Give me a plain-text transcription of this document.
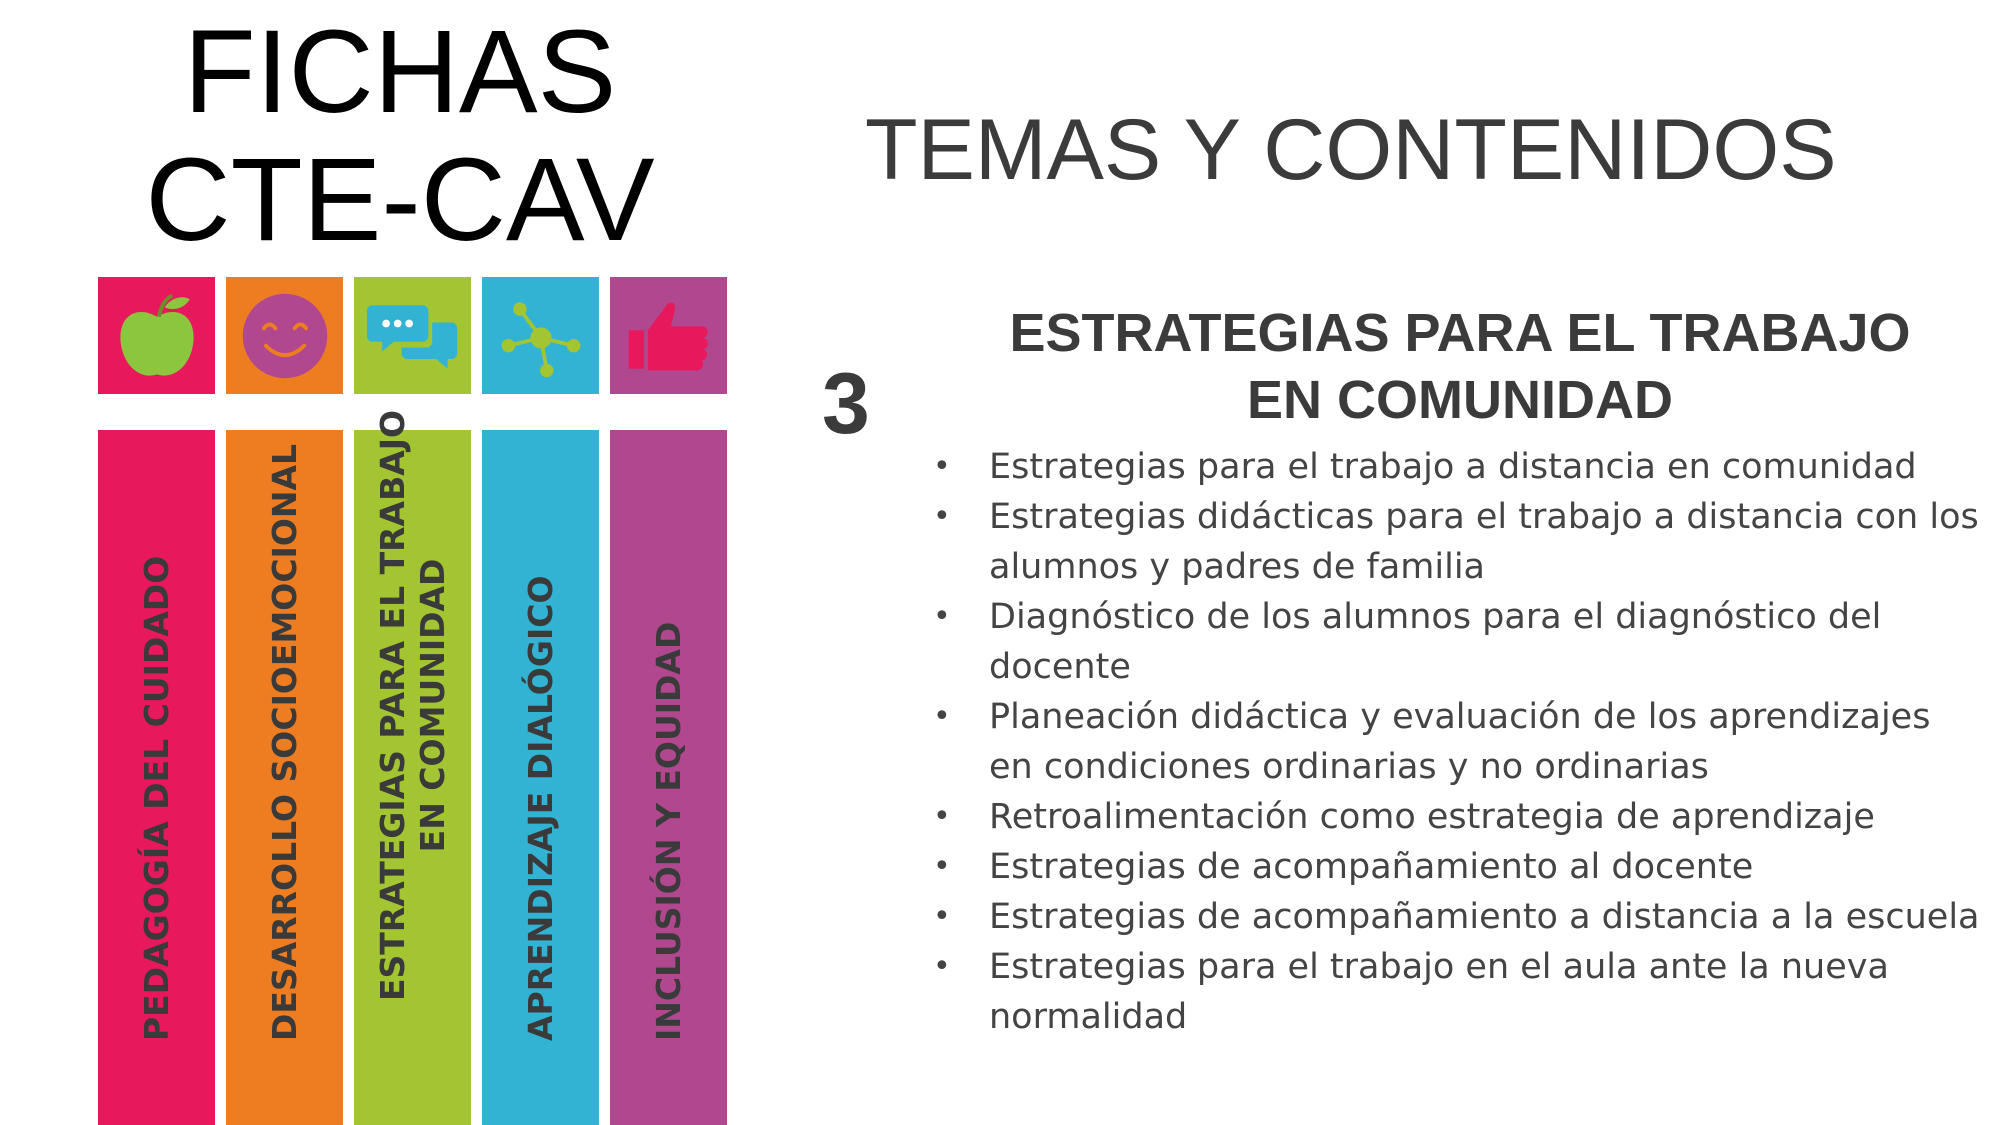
FICHAS
CTE-CAV	TEMAS Y CONTENIDOS
PEDAGOGÍA DEL CUIDADO	DESARROLLO SOCIOEMOCIONAL ESTRATEGIAS PARA EL TRABAJO EN COMUNIDAD APRENDIZAJE DIALÓGICO	INCLUSIÓN Y EQUIDAD
3
ESTRATEGIAS PARA EL TRABAJO
EN COMUNIDAD
• Estrategias para el trabajo a distancia en comunidad
• Estrategias didácticas para el trabajo a distancia con los alumnos y padres de familia
• Diagnóstico de los alumnos para el diagnóstico del docente
• Planeación didáctica y evaluación de los aprendizajes en condiciones ordinarias y no ordinarias
• Retroalimentación como estrategia de aprendizaje
• Estrategias de acompañamiento al docente
• Estrategias de acompañamiento a distancia a la escuela
• Estrategias para el trabajo en el aula ante la nueva normalidad
